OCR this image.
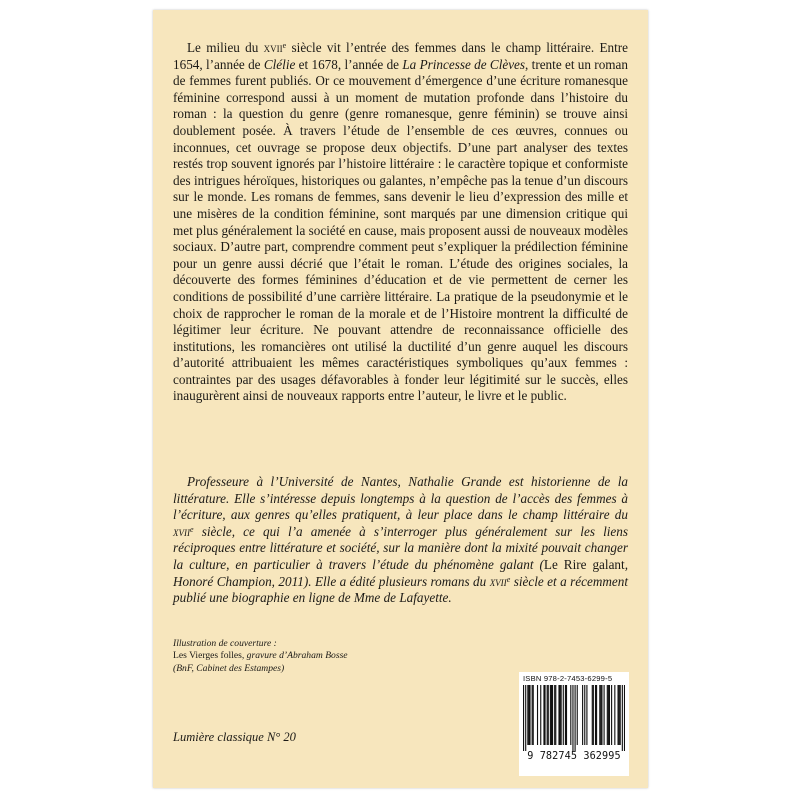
Le milieu du xvii$^e$ siècle vit l’entrée des femmes dans le champ littéraire. Entre 1654, l’année de Clélie et 1678, l’année de La Princesse de Clèves, trente et un roman de femmes furent publiés. Or ce mouvement d’émergence d’une écriture romanesque féminine correspond aussi à un moment de mutation profonde dans l’histoire du roman : la question du genre (genre romanesque, genre féminin) se trouve ainsi doublement posée. À travers l’étude de l’ensemble de ces œuvres, connues ou inconnues, cet ouvrage se propose deux objectifs. D’une part analyser des textes restés trop souvent ignorés par l’histoire littéraire : le caractère topique et conformiste des intrigues héroïques, historiques ou galantes, n’empêche pas la tenue d’un discours sur le monde. Les romans de femmes, sans devenir le lieu d’expression des mille et une misères de la condition féminine, sont marqués par une dimension critique qui met plus généralement la société en cause, mais proposent aussi de nouveaux modèles sociaux. D’autre part, comprendre comment peut s’expliquer la prédilection féminine pour un genre aussi décrié que l’était le roman. L’étude des origines sociales, la découverte des formes féminines d’éducation et de vie permettent de cerner les conditions de possibilité d’une carrière littéraire. La pratique de la pseudonymie et le choix de rapprocher le roman de la morale et de l’Histoire montrent la difficulté de légitimer leur écriture. Ne pouvant attendre de reconnaissance officielle des institutions, les romancières ont utilisé la ductilité d’un genre auquel les discours d’autorité attribuaient les mêmes caractéristiques symboliques qu’aux femmes : contraintes par des usages défavorables à fonder leur légitimité sur le succès, elles inaugurèrent ainsi de nouveaux rapports entre l’auteur, le livre et le public.

Professeure à l’Université de Nantes, Nathalie Grande est historienne de la littérature. Elle s’intéresse depuis longtemps à la question de l’accès des femmes à l’écriture, aux genres qu’elles pratiquent, à leur place dans le champ littéraire du xvii$^e$ siècle, ce qui l’a amenée à s’interroger plus généralement sur les liens réciproques entre littérature et société, sur la manière dont la mixité pouvait changer la culture, en particulier à travers l’étude du phénomène galant (Le Rire galant, Honoré Champion, 2011). Elle a édité plusieurs romans du xvii$^e$ siècle et a récemment publié une biographie en ligne de Mme de Lafayette.

Illustration de couverture :
Les Vierges folles, gravure d’Abraham Bosse
(BnF, Cabinet des Estampes)
Lumière classique N° 20
ISBN 978-2-7453-6299-5
9 782745 362995
